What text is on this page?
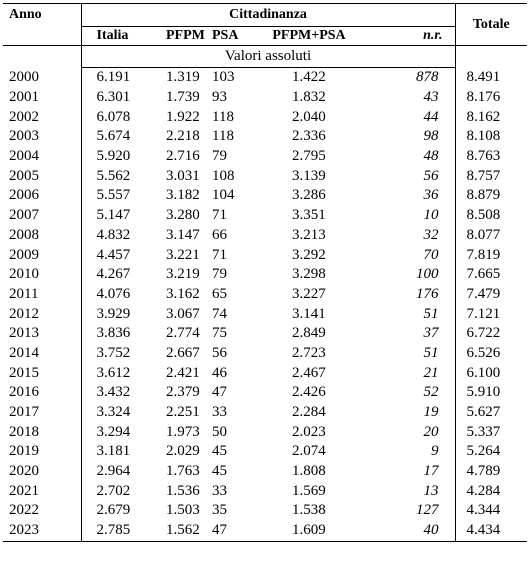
Anno	Cittadinanza					Totale
	Italia	PFPM	PSA	PFPM+PSA	n.r.	
	Valori assoluti					
2000	6.191	1.319	103	1.422	878	8.491
2001	6.301	1.739	93	1.832	43	8.176
2002	6.078	1.922	118	2.040	44	8.162
2003	5.674	2.218	118	2.336	98	8.108
2004	5.920	2.716	79	2.795	48	8.763
2005	5.562	3.031	108	3.139	56	8.757
2006	5.557	3.182	104	3.286	36	8.879
2007	5.147	3.280	71	3.351	10	8.508
2008	4.832	3.147	66	3.213	32	8.077
2009	4.457	3.221	71	3.292	70	7.819
2010	4.267	3.219	79	3.298	100	7.665
2011	4.076	3.162	65	3.227	176	7.479
2012	3.929	3.067	74	3.141	51	7.121
2013	3.836	2.774	75	2.849	37	6.722
2014	3.752	2.667	56	2.723	51	6.526
2015	3.612	2.421	46	2.467	21	6.100
2016	3.432	2.379	47	2.426	52	5.910
2017	3.324	2.251	33	2.284	19	5.627
2018	3.294	1.973	50	2.023	20	5.337
2019	3.181	2.029	45	2.074	9	5.264
2020	2.964	1.763	45	1.808	17	4.789
2021	2.702	1.536	33	1.569	13	4.284
2022	2.679	1.503	35	1.538	127	4.344
2023	2.785	1.562	47	1.609	40	4.434
